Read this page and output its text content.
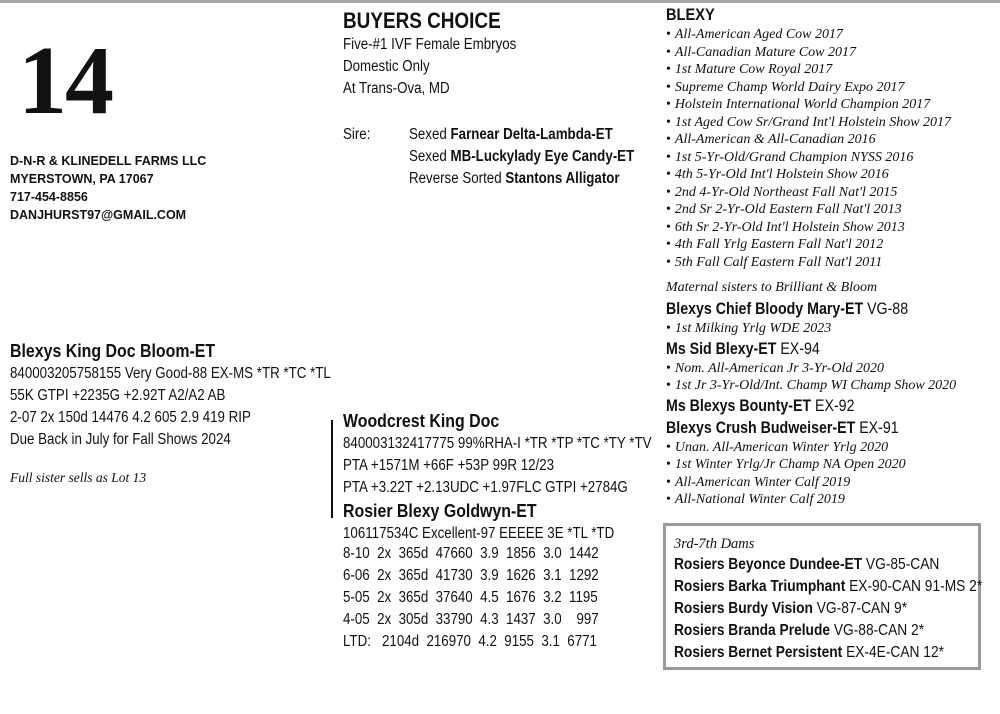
14
D-N-R & KLINEDELL FARMS LLC
MYERSTOWN, PA 17067
717-454-8856
DANJHURST97@GMAIL.COM
BUYERS CHOICE
Five-#1 IVF Female Embryos
Domestic Only
At Trans-Ova, MD
Sire: Sexed Farnear Delta-Lambda-ET
Sexed MB-Luckylady Eye Candy-ET
Reverse Sorted Stantons Alligator
Blexys King Doc Bloom-ET
840003205758155 Very Good-88 EX-MS *TR *TC *TL
55K GTPI +2235G +2.92T A2/A2 AB
2-07 2x 150d 14476 4.2 605 2.9 419 RIP
Due Back in July for Fall Shows 2024
Full sister sells as Lot 13
Woodcrest King Doc
840003132417775 99%RHA-I *TR *TP *TC *TY *TV
PTA +1571M +66F +53P 99R 12/23
PTA +3.22T +2.13UDC +1.97FLC GTPI +2784G
Rosier Blexy Goldwyn-ET
106117534C Excellent-97 EEEEE 3E *TL *TD
8-10  2x  365d  47660  3.9  1856  3.0  1442
6-06  2x  365d  41730  3.9  1626  3.1  1292
5-05  2x  365d  37640  4.5  1676  3.2  1195
4-05  2x  305d  33790  4.3  1437  3.0    997
LTD:   2104d  216970  4.2  9155  3.1  6771
BLEXY
• All-American Aged Cow 2017
• All-Canadian Mature Cow 2017
• 1st Mature Cow Royal 2017
• Supreme Champ World Dairy Expo 2017
• Holstein International World Champion 2017
• 1st Aged Cow Sr/Grand Int'l Holstein Show 2017
• All-American & All-Canadian 2016
• 1st 5-Yr-Old/Grand Champion NYSS 2016
• 4th 5-Yr-Old Int'l Holstein Show 2016
• 2nd 4-Yr-Old Northeast Fall Nat'l 2015
• 2nd Sr 2-Yr-Old Eastern Fall Nat'l 2013
• 6th Sr 2-Yr-Old Int'l Holstein Show 2013
• 4th Fall Yrlg Eastern Fall Nat'l 2012
• 5th Fall Calf Eastern Fall Nat'l 2011
Maternal sisters to Brilliant & Bloom
Blexys Chief Bloody Mary-ET VG-88
• 1st Milking Yrlg WDE 2023
Ms Sid Blexy-ET EX-94
• Nom. All-American Jr 3-Yr-Old 2020
• 1st Jr 3-Yr-Old/Int. Champ WI Champ Show 2020
Ms Blexys Bounty-ET EX-92
Blexys Crush Budweiser-ET EX-91
• Unan. All-American Winter Yrlg 2020
• 1st Winter Yrlg/Jr Champ NA Open 2020
• All-American Winter Calf 2019
• All-National Winter Calf 2019
3rd-7th Dams
Rosiers Beyonce Dundee-ET VG-85-CAN
Rosiers Barka Triumphant EX-90-CAN 91-MS 2*
Rosiers Burdy Vision VG-87-CAN 9*
Rosiers Branda Prelude VG-88-CAN 2*
Rosiers Bernet Persistent EX-4E-CAN 12*
